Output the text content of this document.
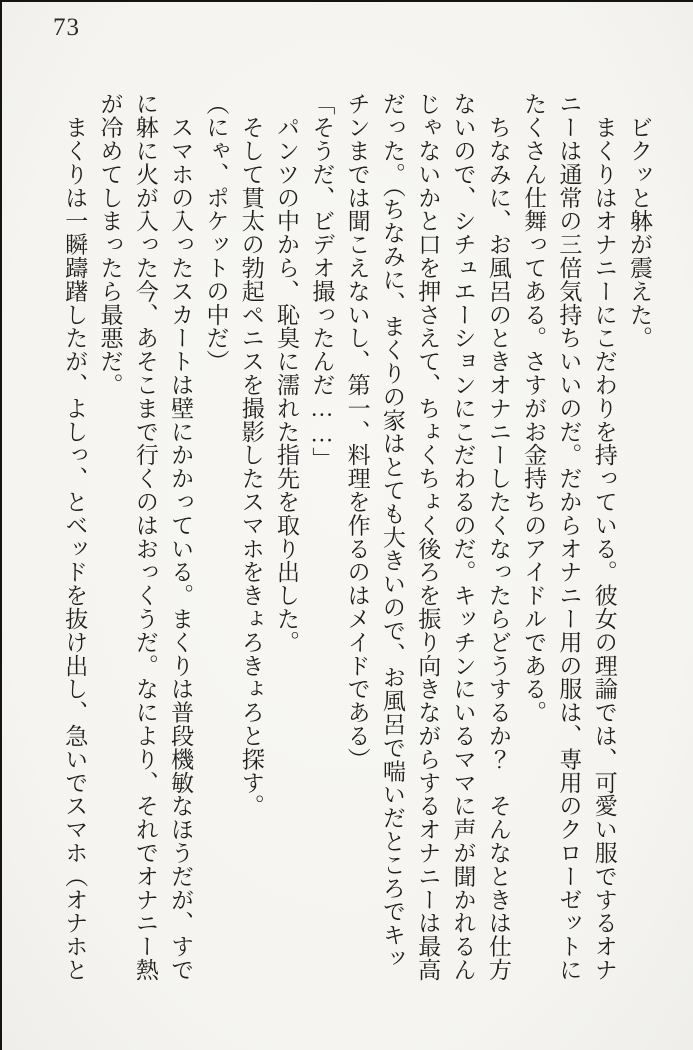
73

　ビクッと躰が震えた。

　まくりはオナニーにこだわりを持っている。彼女の理論では、可愛い服でするオナ

ニーは通常の三倍気持ちいいのだ。だからオナニー用の服は、専用のクローゼットに

たくさん仕舞ってある。さすがお金持ちのアイドルである。

　ちなみに、お風呂のときオナニーしたくなったらどうするか？　そんなときは仕方

ないので、シチュエーションにこだわるのだ。キッチンにいるママに声が聞かれるん

じゃないかと口を押さえて、ちょくちょく後ろを振り向きながらするオナニーは最高

だった。（ちなみに、まくりの家はとても大きいので、お風呂で喘いだところでキッ

チンまでは聞こえないし、第一、料理を作るのはメイドである）

「そうだ、ビデオ撮ったんだ……」

　パンツの中から、恥臭に濡れた指先を取り出した。

　そして貫太の勃起ペニスを撮影したスマホをきょろきょろと探す。

（にゃ、ポケットの中だ）

　スマホの入ったスカートは壁にかかっている。まくりは普段機敏なほうだが、すで

に躰に火が入った今、あそこまで行くのはおっくうだ。なにより、それでオナニー熱

が冷めてしまったら最悪だ。

　まくりは一瞬躊躇したが、よしっ、とベッドを抜け出し、急いでスマホ（オナホと
